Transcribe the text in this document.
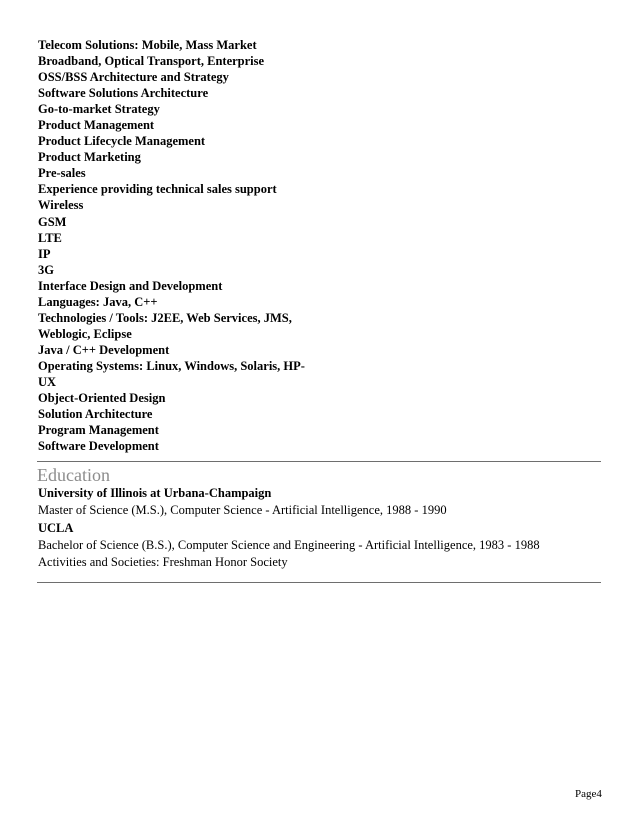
Telecom Solutions: Mobile, Mass Market
Broadband, Optical Transport, Enterprise
OSS/BSS Architecture and Strategy
Software Solutions Architecture
Go-to-market Strategy
Product Management
Product Lifecycle Management
Product Marketing
Pre-sales
Experience providing technical sales support
Wireless
GSM
LTE
IP
3G
Interface Design and Development
Languages: Java, C++
Technologies / Tools: J2EE, Web Services, JMS, Weblogic, Eclipse
Java / C++ Development
Operating Systems: Linux, Windows, Solaris, HP-UX
Object-Oriented Design
Solution Architecture
Program Management
Software Development
Education
University of Illinois at Urbana-Champaign
Master of Science (M.S.), Computer Science - Artificial Intelligence, 1988 - 1990
UCLA
Bachelor of Science (B.S.), Computer Science and Engineering - Artificial Intelligence, 1983 - 1988
Activities and Societies: Freshman Honor Society
Page4
